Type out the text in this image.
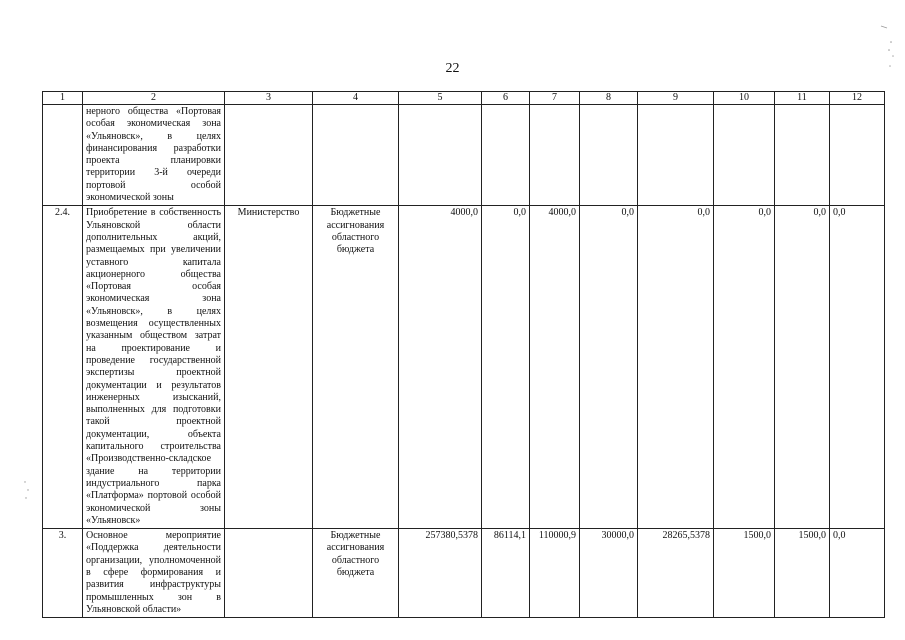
22
1	2	3	4	5	6	7	8	9	10	11	12
	нерного общества «Портовая особая экономическая зона «Ульяновск», в целях финансирования разработки проекта планировки территории 3-й очереди портовой особой экономической зоны										
2.4.	Приобретение в собственность Ульяновской области дополнительных акций, размещаемых при увеличении уставного капитала акционерного общества «Портовая особая экономическая зона «Ульяновск», в целях возмещения осуществленных указанным обществом затрат на проектирование и проведение государственной экспертизы проектной документации и результатов инженерных изысканий, выполненных для подготовки такой проектной документации, объекта капитального строительства «Производственно-складское здание на территории индустриального парка «Платформа» портовой особой экономической зоны «Ульяновск»	Министерство	Бюджетные ассигнования областного бюджета	4000,0	0,0	4000,0	0,0	0,0	0,0	0,0	0,0
3.	Основное мероприятие «Поддержка деятельности организации, уполномоченной в сфере формирования и развития инфраструктуры промышленных зон в Ульяновской области»		Бюджетные ассигнования областного бюджета	257380,5378	86114,1	110000,9	30000,0	28265,5378	1500,0	1500,0	0,0
